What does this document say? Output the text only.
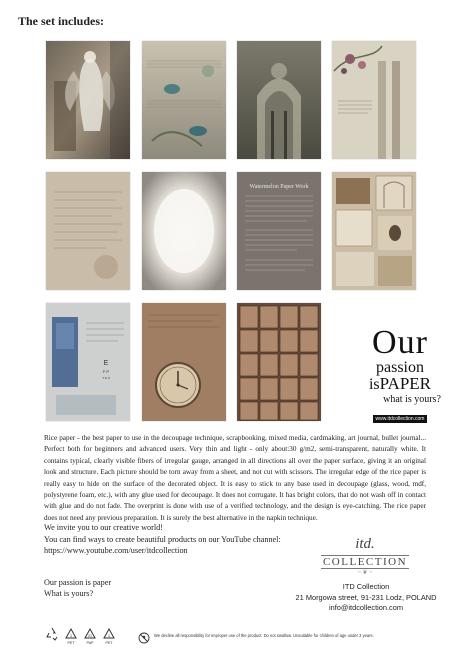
The set includes:
Watermelon Paper Work
E
F P
T O Z
Our
passion
isPAPER
what is yours?
www.itdcollection.com
Rice paper - the best paper to use in the decoupage technique, scrapbooking, mixed media, cardmaking, art journal, bullet journal... Perfect both for beginners and advanced users. Very thin and light - only about:30 g/m2, semi-transparent, naturally white. It contains typical, clearly visible fibers of irregular gauge, arranged in all directions all over the paper surface, giving it an original look and structure. Each picture should be torn away from a sheet, and not cut with scissors. The irregular edge of the rice paper is really easy to hide on the surface of the decorated object. It is easy to stick to any base used in decoupage (glass, wood, mdf, polystyrene foam, etc.), with any glue used for decoupage. It does not corrugate. It has bright colors, that do not wash off in contact with glue and do not fade. The overprint is done with use of a verified technology, and the design is eye-catching. The rice paper does not need any previous preparation. It is surely the best alternative in the napkin technique.
We invite you to our creative world!
You can find ways to create beautiful products on our YouTube channel:
https://www.youtube.com/user/itdcollection
Our passion is paper
What is yours?
itd.
COLLECTION
~ ❦ ~
ITD Collection
21 Morgowa street, 91-231 Lodz, POLAND
info@itdcollection.com
1
PET
21
PAP
1
PET
We decline all responsibility for improper use of the product. Do not swallow. Unsuitable for children of age under 3 years.
